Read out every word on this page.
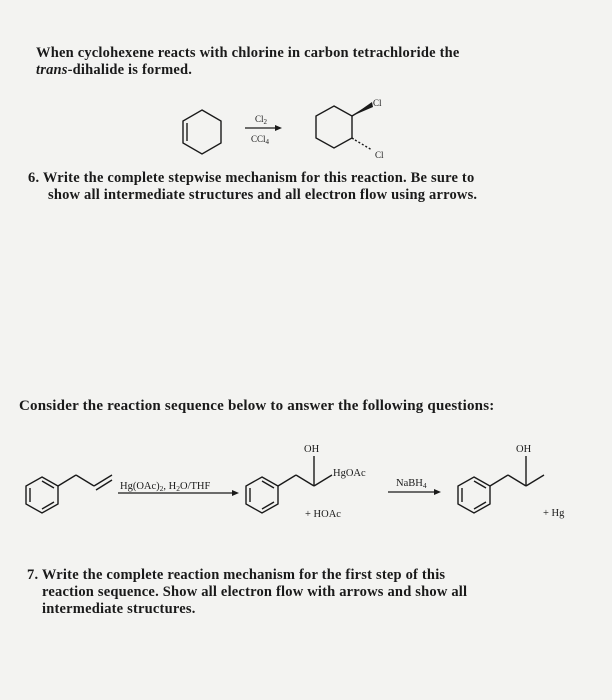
When cyclohexene reacts with chlorine in carbon tetrachloride the

trans-dihalide is formed.

$Cl_2$
CCl$_4$
Cl
Cl
Hg(OAc)2, H2O/THF
OH
HgOAc
+ HOAc
NaBH4
OH
+ Hg

6. Write the complete stepwise mechanism for this reaction. Be sure to

show all intermediate structures and all electron flow using arrows.

Consider the reaction sequence below to answer the following questions:

7. Write the complete reaction mechanism for the first step of this

reaction sequence. Show all electron flow with arrows and show all

intermediate structures.
